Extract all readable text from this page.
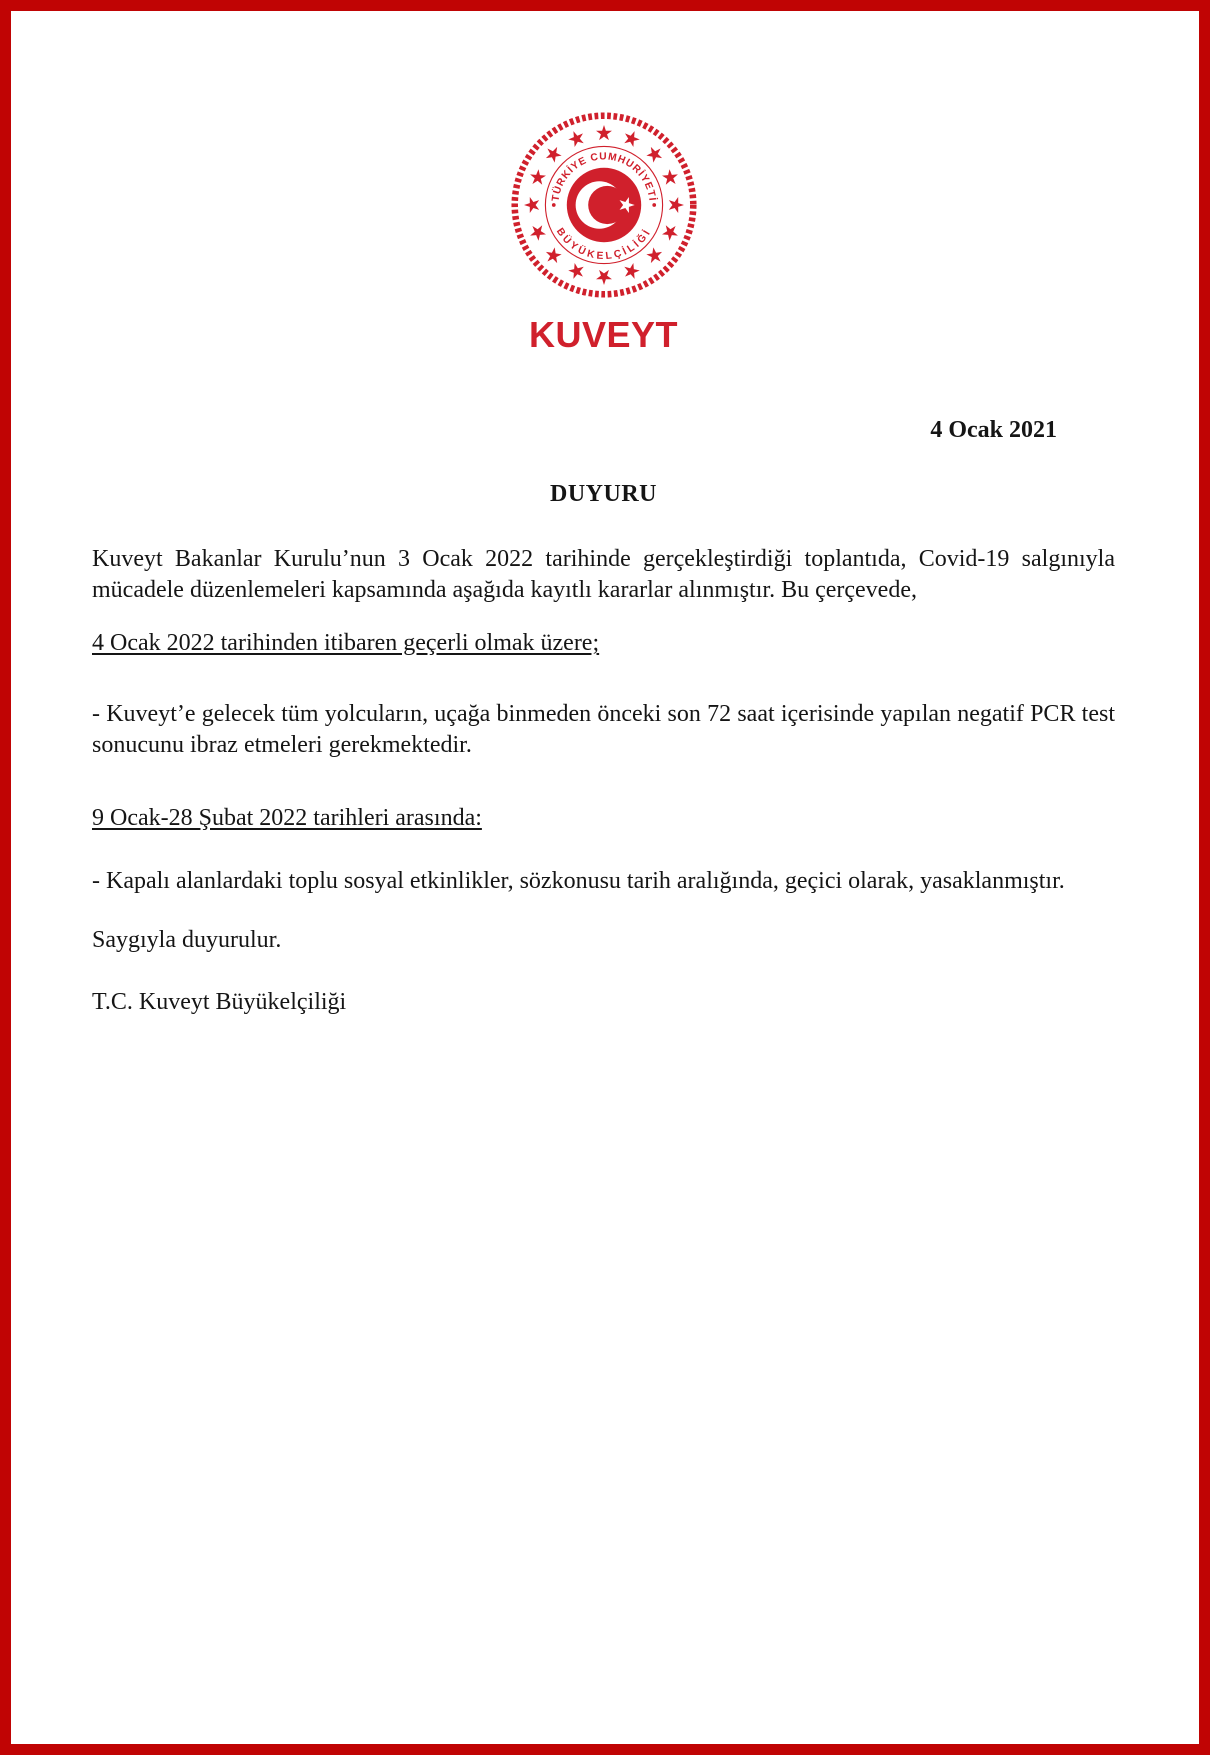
TÜRKİYE CUMHURİYETİ
BÜYÜKELÇİLİĞİ
KUVEYT
4 Ocak 2021
DUYURU

Kuveyt Bakanlar Kurulu’nun 3 Ocak 2022 tarihinde gerçekleştirdiği toplantıda, Covid-19 salgınıyla mücadele düzenlemeleri kapsamında aşağıda kayıtlı kararlar alınmıştır. Bu çerçevede,

4 Ocak 2022 tarihinden itibaren geçerli olmak üzere;

- Kuveyt’e gelecek tüm yolcuların, uçağa binmeden önceki son 72 saat içerisinde yapılan negatif PCR test sonucunu ibraz etmeleri gerekmektedir.

9 Ocak-28 Şubat 2022 tarihleri arasında:

- Kapalı alanlardaki toplu sosyal etkinlikler, sözkonusu tarih aralığında, geçici olarak, yasaklanmıştır.

Saygıyla duyurulur.

T.C. Kuveyt Büyükelçiliği
